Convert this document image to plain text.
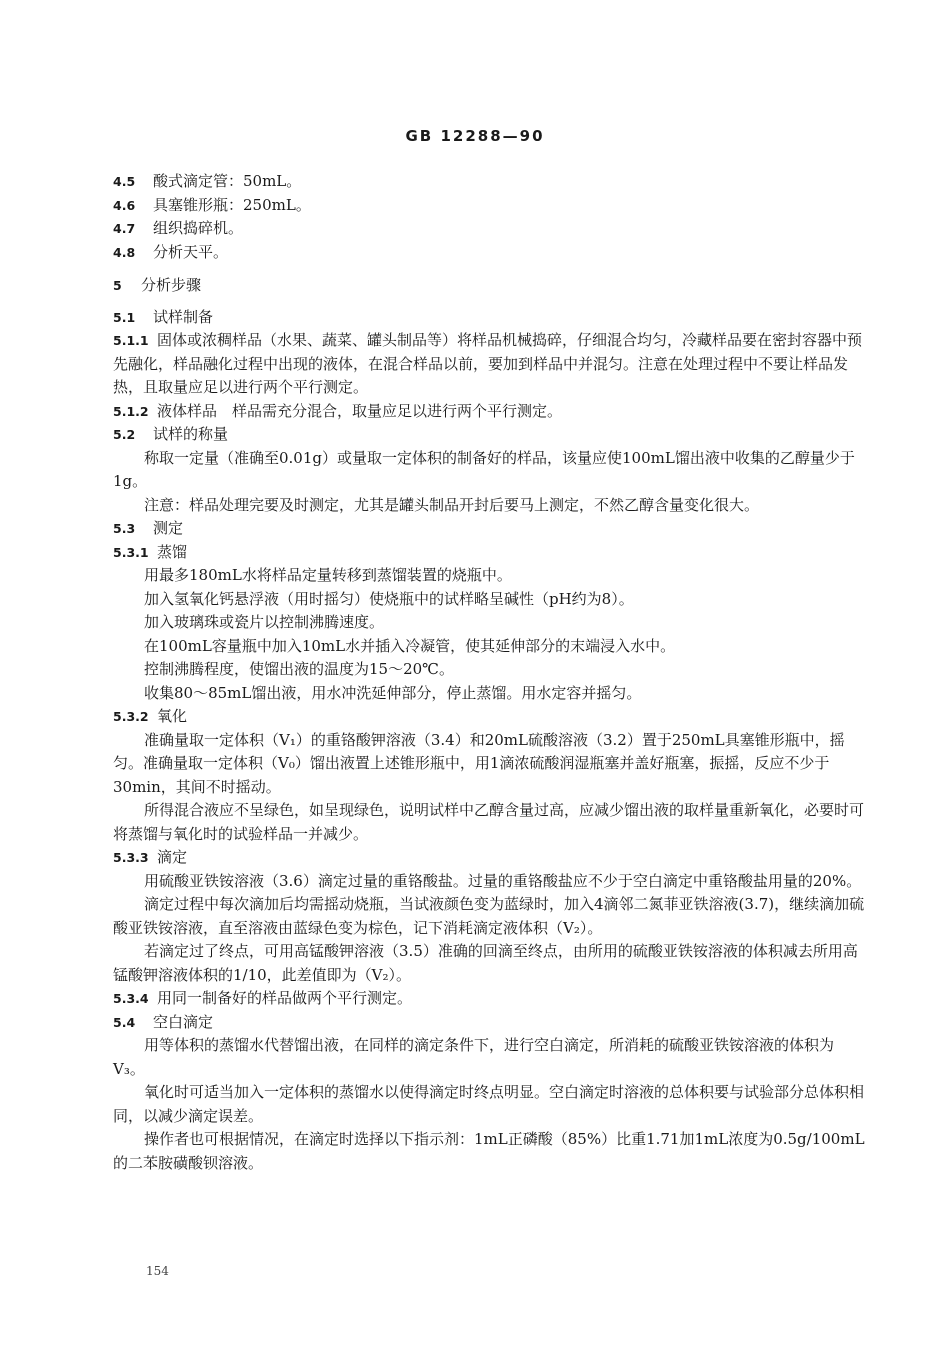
GB 12288—90
4.5 酸式滴定管：50mL。
4.6 具塞锥形瓶：250mL。
4.7 组织捣碎机。
4.8 分析天平。
5 分析步骤
5.1 试样制备
5.1.1 固体或浓稠样品（水果、蔬菜、罐头制品等）将样品机械捣碎，仔细混合均匀，冷藏样品要在密封容器中预先融化，样品融化过程中出现的液体，在混合样品以前，要加到样品中并混匀。注意在处理过程中不要让样品发热，且取量应足以进行两个平行测定。
5.1.2 液体样品　样品需充分混合，取量应足以进行两个平行测定。
5.2 试样的称量
称取一定量（准确至0.01g）或量取一定体积的制备好的样品，该量应使100mL馏出液中收集的乙醇量少于1g。
注意：样品处理完要及时测定，尤其是罐头制品开封后要马上测定，不然乙醇含量变化很大。
5.3 测定
5.3.1 蒸馏
用最多180mL水将样品定量转移到蒸馏装置的烧瓶中。
加入氢氧化钙悬浮液（用时摇匀）使烧瓶中的试样略呈碱性（pH约为8）。
加入玻璃珠或瓷片以控制沸腾速度。
在100mL容量瓶中加入10mL水并插入冷凝管，使其延伸部分的末端浸入水中。
控制沸腾程度，使馏出液的温度为15～20℃。
收集80～85mL馏出液，用水冲洗延伸部分，停止蒸馏。用水定容并摇匀。
5.3.2 氧化
准确量取一定体积（V₁）的重铬酸钾溶液（3.4）和20mL硫酸溶液（3.2）置于250mL具塞锥形瓶中，摇匀。准确量取一定体积（V₀）馏出液置上述锥形瓶中，用1滴浓硫酸润湿瓶塞并盖好瓶塞，振摇，反应不少于30min，其间不时摇动。
所得混合液应不呈绿色，如呈现绿色，说明试样中乙醇含量过高，应减少馏出液的取样量重新氧化，必要时可将蒸馏与氧化时的试验样品一并减少。
5.3.3 滴定
用硫酸亚铁铵溶液（3.6）滴定过量的重铬酸盐。过量的重铬酸盐应不少于空白滴定中重铬酸盐用量的20%。
滴定过程中每次滴加后均需摇动烧瓶，当试液颜色变为蓝绿时，加入4滴邻二氮菲亚铁溶液(3.7)，继续滴加硫酸亚铁铵溶液，直至溶液由蓝绿色变为棕色，记下消耗滴定液体积（V₂）。
若滴定过了终点，可用高锰酸钾溶液（3.5）准确的回滴至终点，由所用的硫酸亚铁铵溶液的体积减去所用高锰酸钾溶液体积的1/10，此差值即为（V₂）。
5.3.4 用同一制备好的样品做两个平行测定。
5.4 空白滴定
用等体积的蒸馏水代替馏出液，在同样的滴定条件下，进行空白滴定，所消耗的硫酸亚铁铵溶液的体积为V₃。
氧化时可适当加入一定体积的蒸馏水以使得滴定时终点明显。空白滴定时溶液的总体积要与试验部分总体积相同，以减少滴定误差。
操作者也可根据情况，在滴定时选择以下指示剂：1mL正磷酸（85%）比重1.71加1mL浓度为0.5g/100mL的二苯胺磺酸钡溶液。
154
